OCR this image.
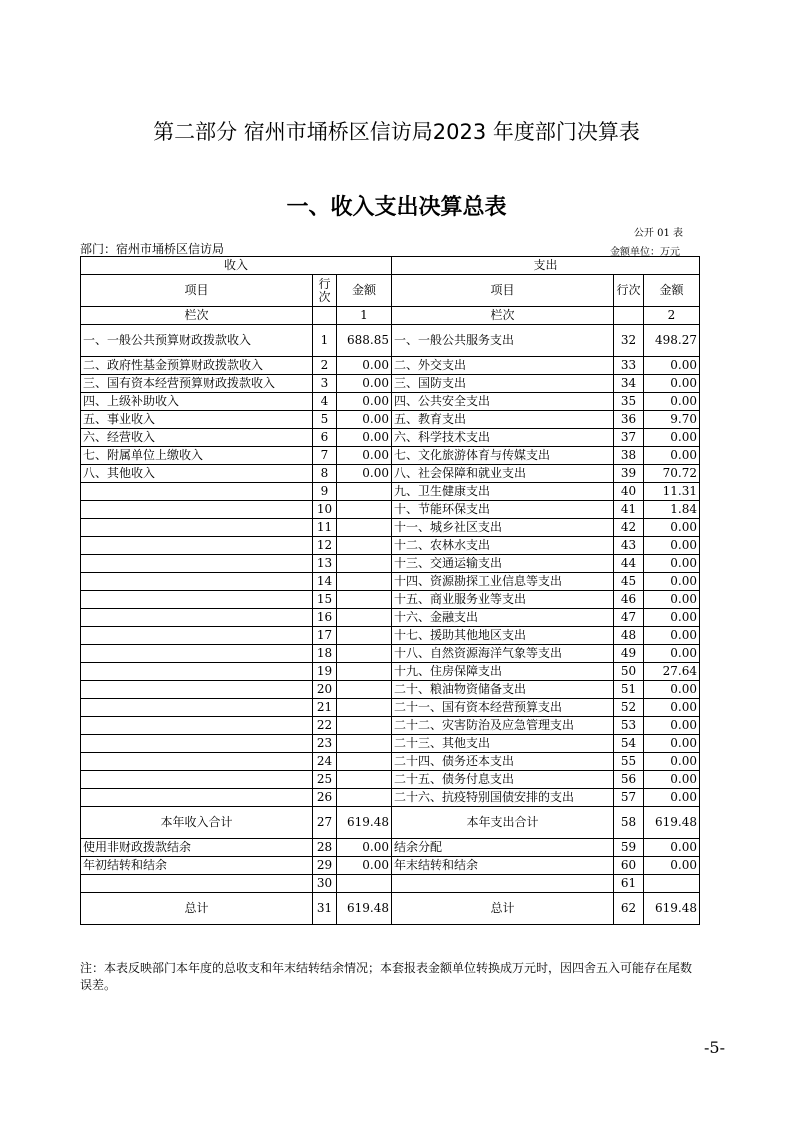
第二部分 宿州市埇桥区信访局2023 年度部门决算表
一、收入支出决算总表
公开 01 表
部门：宿州市埇桥区信访局	金额单位：万元
收入			支出		
项目	行次	金额	项目	行次	金额
栏次		1	栏次		2
一、一般公共预算财政拨款收入	1	688.85	一、一般公共服务支出	32	498.27
二、政府性基金预算财政拨款收入	2	0.00	二、外交支出	33	0.00
三、国有资本经营预算财政拨款收入	3	0.00	三、国防支出	34	0.00
四、上级补助收入	4	0.00	四、公共安全支出	35	0.00
五、事业收入	5	0.00	五、教育支出	36	9.70
六、经营收入	6	0.00	六、科学技术支出	37	0.00
七、附属单位上缴收入	7	0.00	七、文化旅游体育与传媒支出	38	0.00
八、其他收入	8	0.00	八、社会保障和就业支出	39	70.72
	9		九、卫生健康支出	40	11.31
	10		十、节能环保支出	41	1.84
	11		十一、城乡社区支出	42	0.00
	12		十二、农林水支出	43	0.00
	13		十三、交通运输支出	44	0.00
	14		十四、资源勘探工业信息等支出	45	0.00
	15		十五、商业服务业等支出	46	0.00
	16		十六、金融支出	47	0.00
	17		十七、援助其他地区支出	48	0.00
	18		十八、自然资源海洋气象等支出	49	0.00
	19		十九、住房保障支出	50	27.64
	20		二十、粮油物资储备支出	51	0.00
	21		二十一、国有资本经营预算支出	52	0.00
	22		二十二、灾害防治及应急管理支出	53	0.00
	23		二十三、其他支出	54	0.00
	24		二十四、债务还本支出	55	0.00
	25		二十五、债务付息支出	56	0.00
	26		二十六、抗疫特别国债安排的支出	57	0.00
本年收入合计	27	619.48	本年支出合计	58	619.48
使用非财政拨款结余	28	0.00	结余分配	59	0.00
年初结转和结余	29	0.00	年末结转和结余	60	0.00
	30			61	
总计	31	619.48	总计	62	619.48
注：本表反映部门本年度的总收支和年末结转结余情况；本套报表金额单位转换成万元时，因四舍五入可能存在尾数误差。
-5-
